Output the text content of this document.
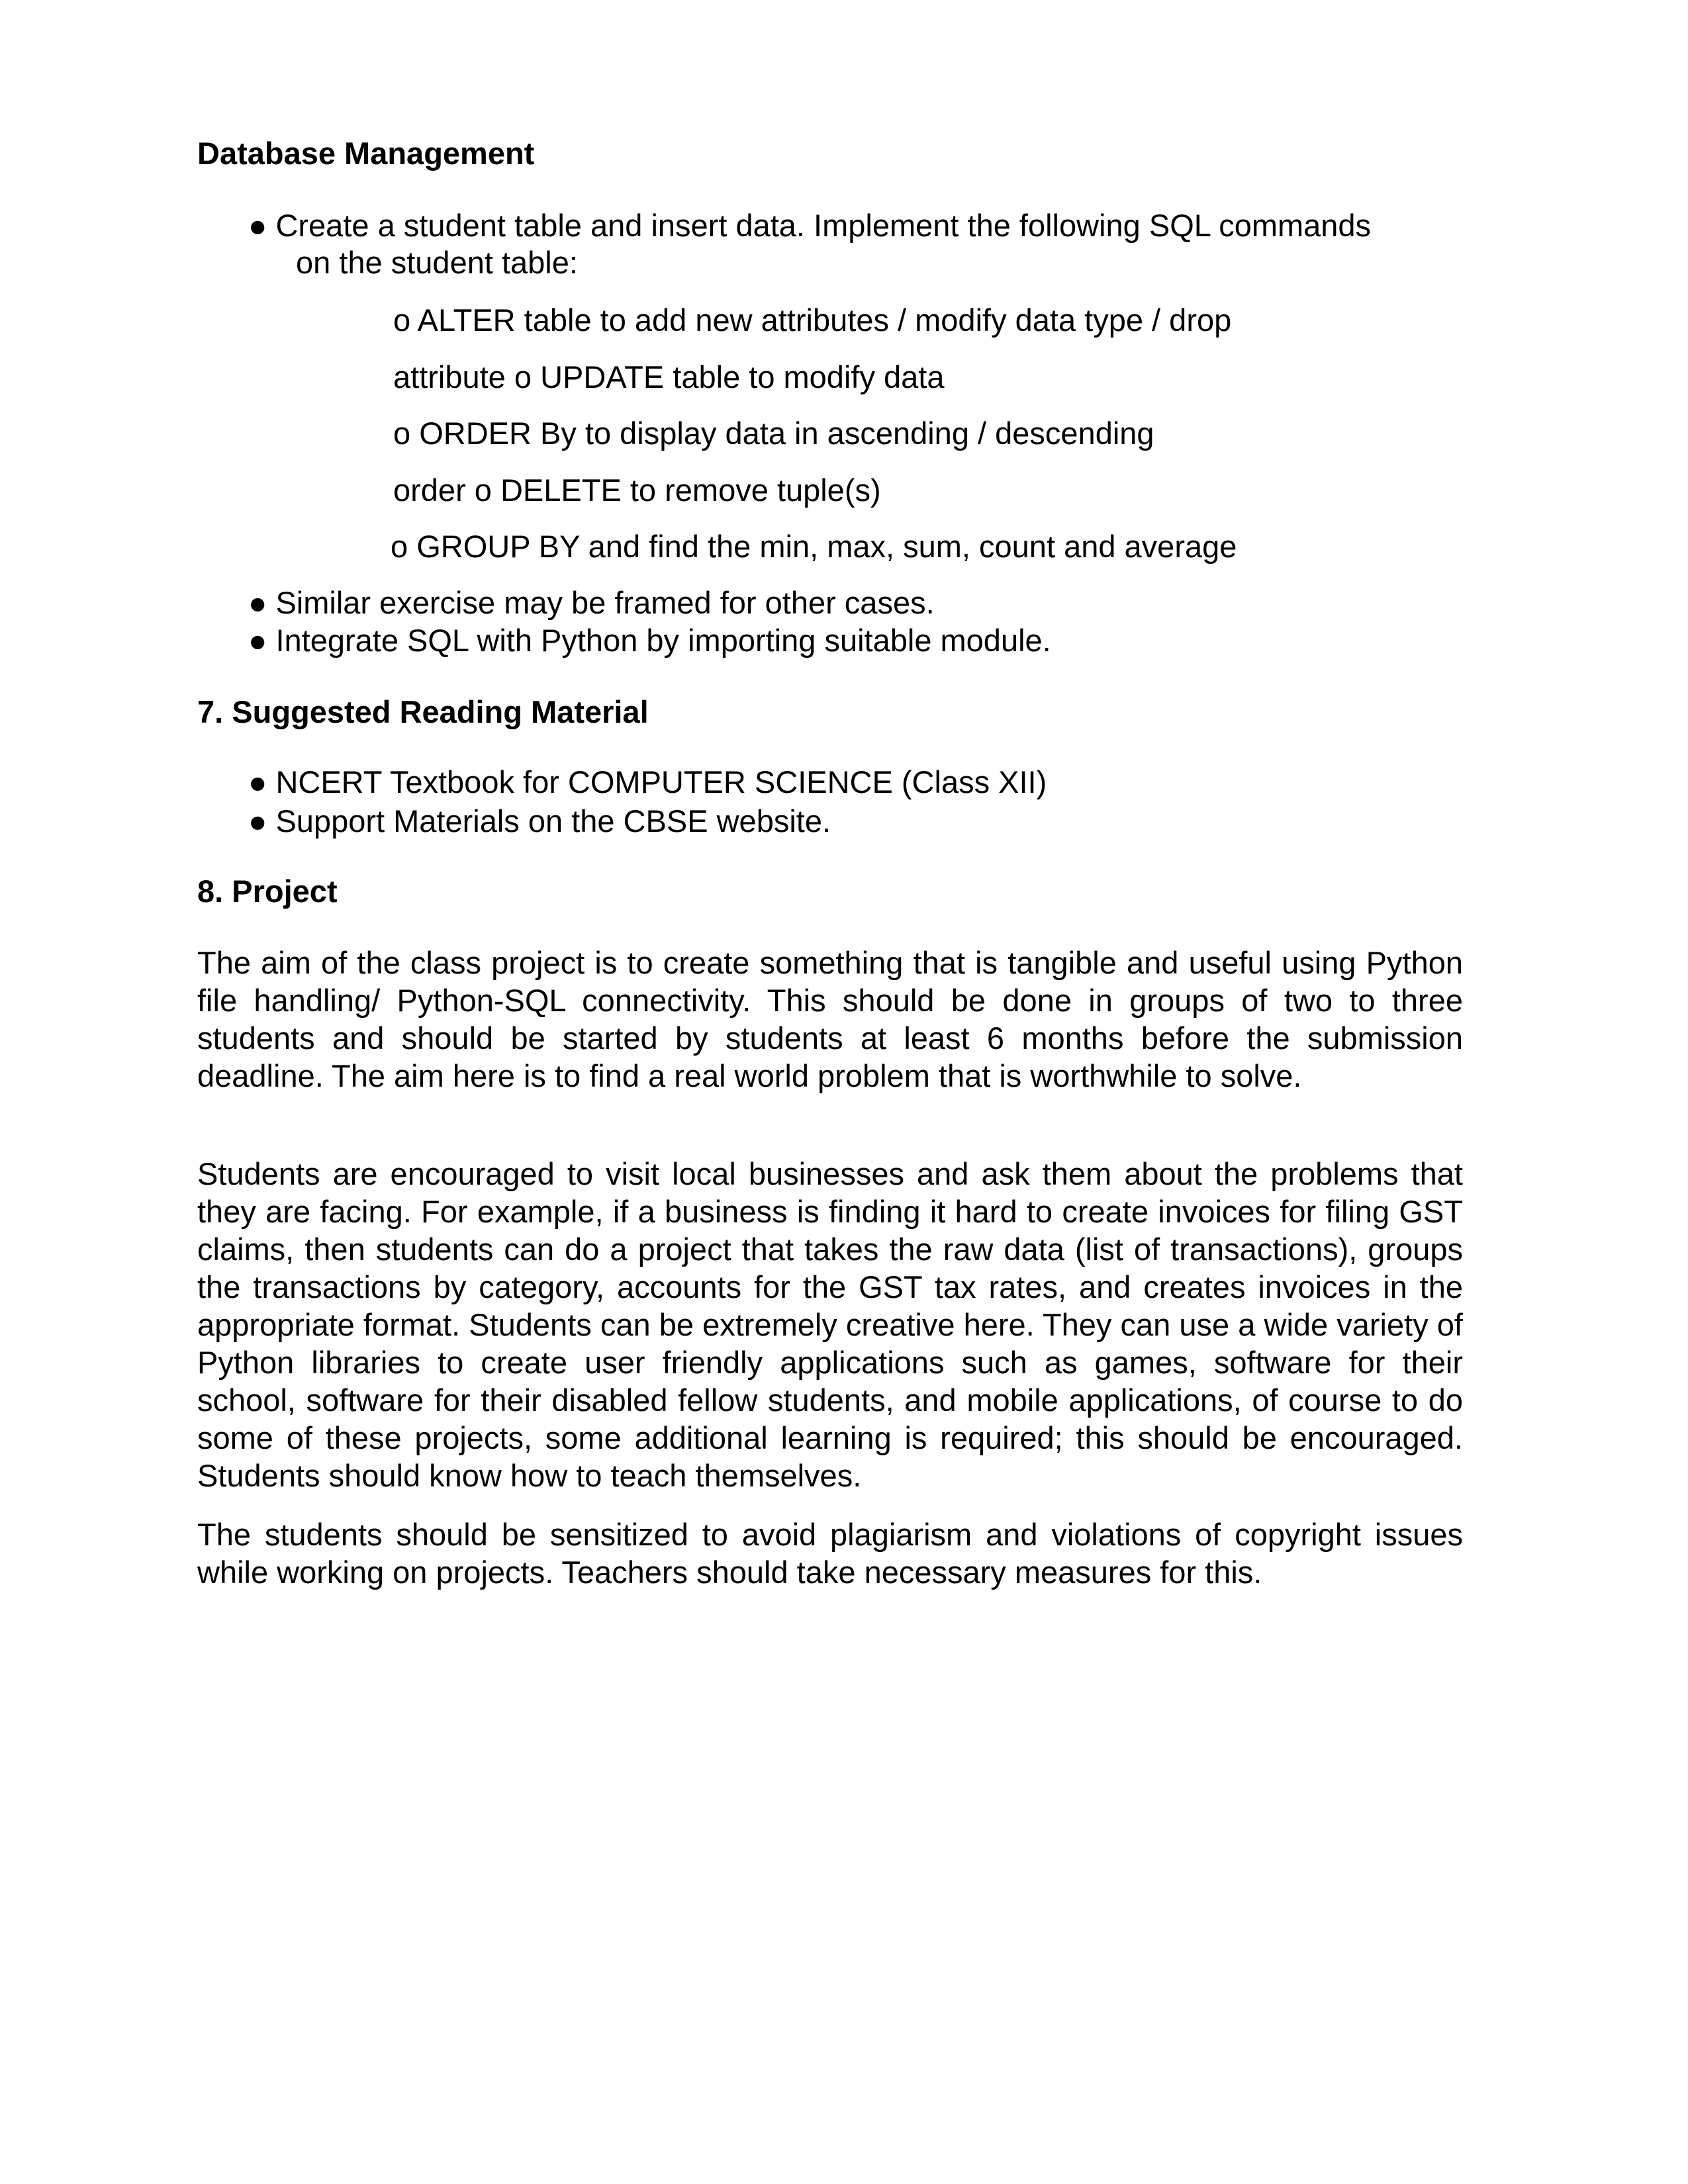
Database Management
● Create a student table and insert data. Implement the following SQL commands
on the student table:
o ALTER table to add new attributes / modify data type / drop
attribute o UPDATE table to modify data
o ORDER By to display data in ascending / descending
order o DELETE to remove tuple(s)
o GROUP BY and find the min, max, sum, count and average
● Similar exercise may be framed for other cases.
● Integrate SQL with Python by importing suitable module.
7. Suggested Reading Material
● NCERT Textbook for COMPUTER SCIENCE (Class XII)
● Support Materials on the CBSE website.
8. Project
The aim of the class project is to create something that is tangible and useful using Python file handling/ Python-SQL connectivity. This should be done in groups of two to three students and should be started by students at least 6 months before the submission deadline. The aim here is to find a real world problem that is worthwhile to solve.
Students are encouraged to visit local businesses and ask them about the problems that they are facing. For example, if a business is finding it hard to create invoices for filing GST claims, then students can do a project that takes the raw data (list of transactions), groups the transactions by category, accounts for the GST tax rates, and creates invoices in the appropriate format. Students can be extremely creative here. They can use a wide variety of Python libraries to create user friendly applications such as games, software for their school, software for their disabled fellow students, and mobile applications, of course to do some of these projects, some additional learning is required; this should be encouraged. Students should know how to teach themselves.
The students should be sensitized to avoid plagiarism and violations of copyright issues while working on projects. Teachers should take necessary measures for this.
